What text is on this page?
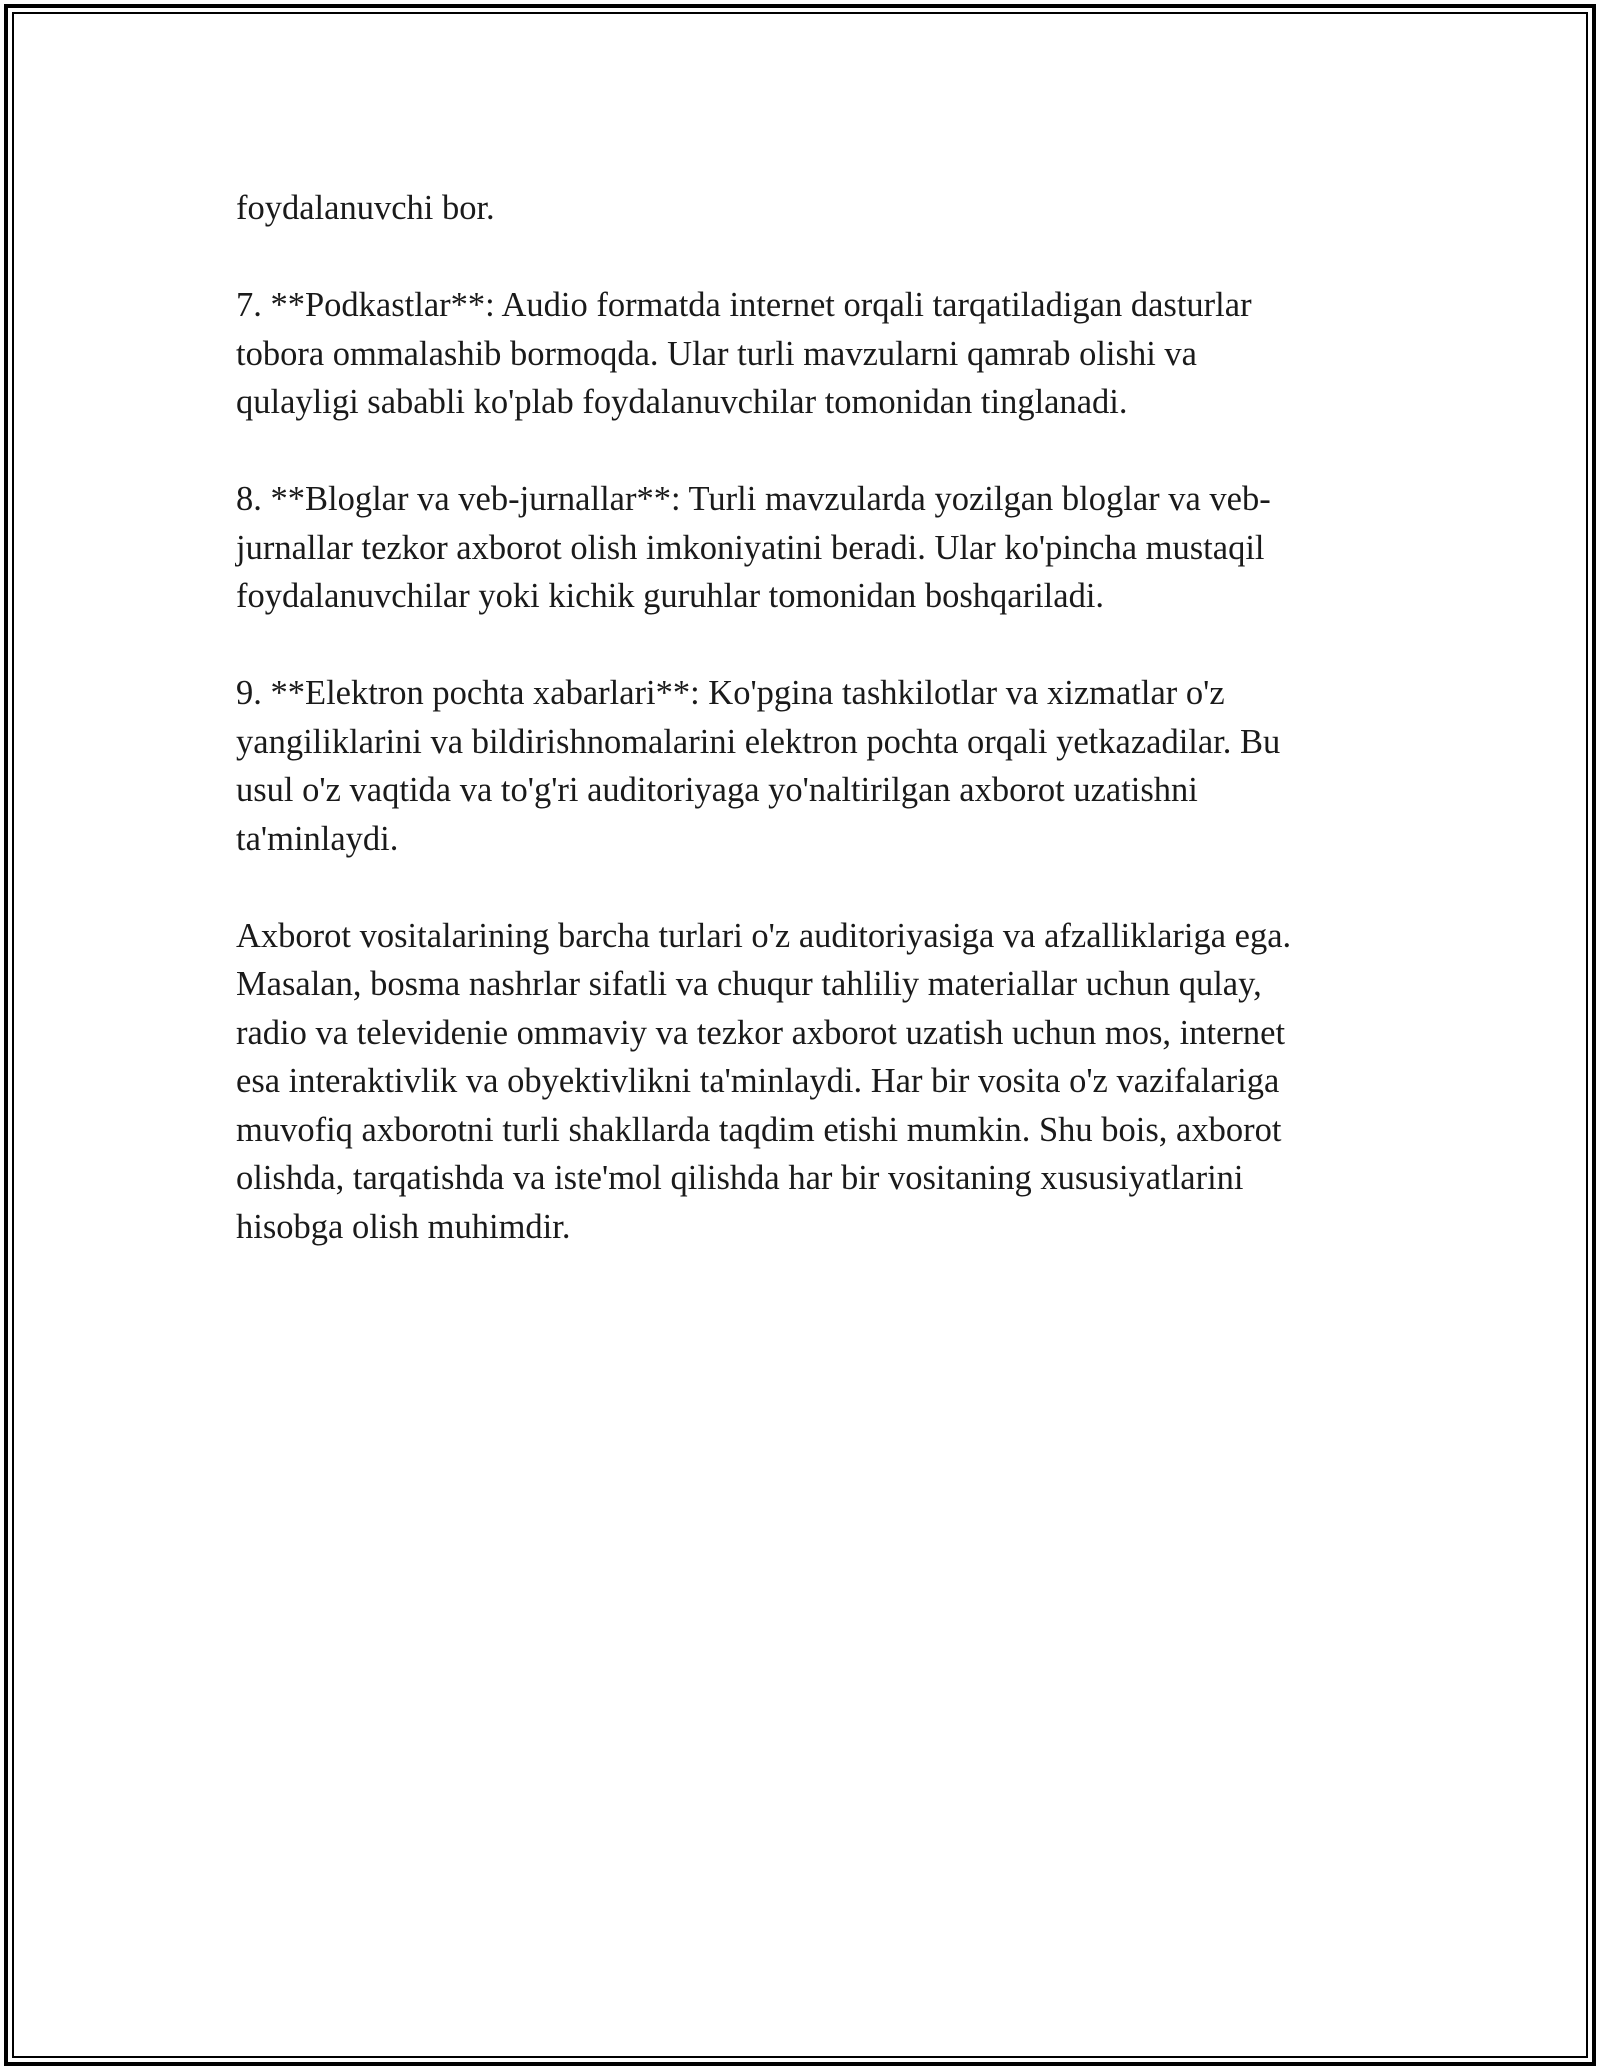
foydalanuvchi bor.

7. **Podkastlar**: Audio formatda internet orqali tarqatiladigan dasturlar
tobora ommalashib bormoqda. Ular turli mavzularni qamrab olishi va
qulayligi sababli ko'plab foydalanuvchilar tomonidan tinglanadi.

8. **Bloglar va veb-jurnallar**: Turli mavzularda yozilgan bloglar va veb-
jurnallar tezkor axborot olish imkoniyatini beradi. Ular ko'pincha mustaqil
foydalanuvchilar yoki kichik guruhlar tomonidan boshqariladi.

9. **Elektron pochta xabarlari**: Ko'pgina tashkilotlar va xizmatlar o'z
yangiliklarini va bildirishnomalarini elektron pochta orqali yetkazadilar. Bu
usul o'z vaqtida va to'g'ri auditoriyaga yo'naltirilgan axborot uzatishni
ta'minlaydi.

Axborot vositalarining barcha turlari o'z auditoriyasiga va afzalliklariga ega.
Masalan, bosma nashrlar sifatli va chuqur tahliliy materiallar uchun qulay,
radio va televidenie ommaviy va tezkor axborot uzatish uchun mos, internet
esa interaktivlik va obyektivlikni ta'minlaydi. Har bir vosita o'z vazifalariga
muvofiq axborotni turli shakllarda taqdim etishi mumkin. Shu bois, axborot
olishda, tarqatishda va iste'mol qilishda har bir vositaning xususiyatlarini
hisobga olish muhimdir.
